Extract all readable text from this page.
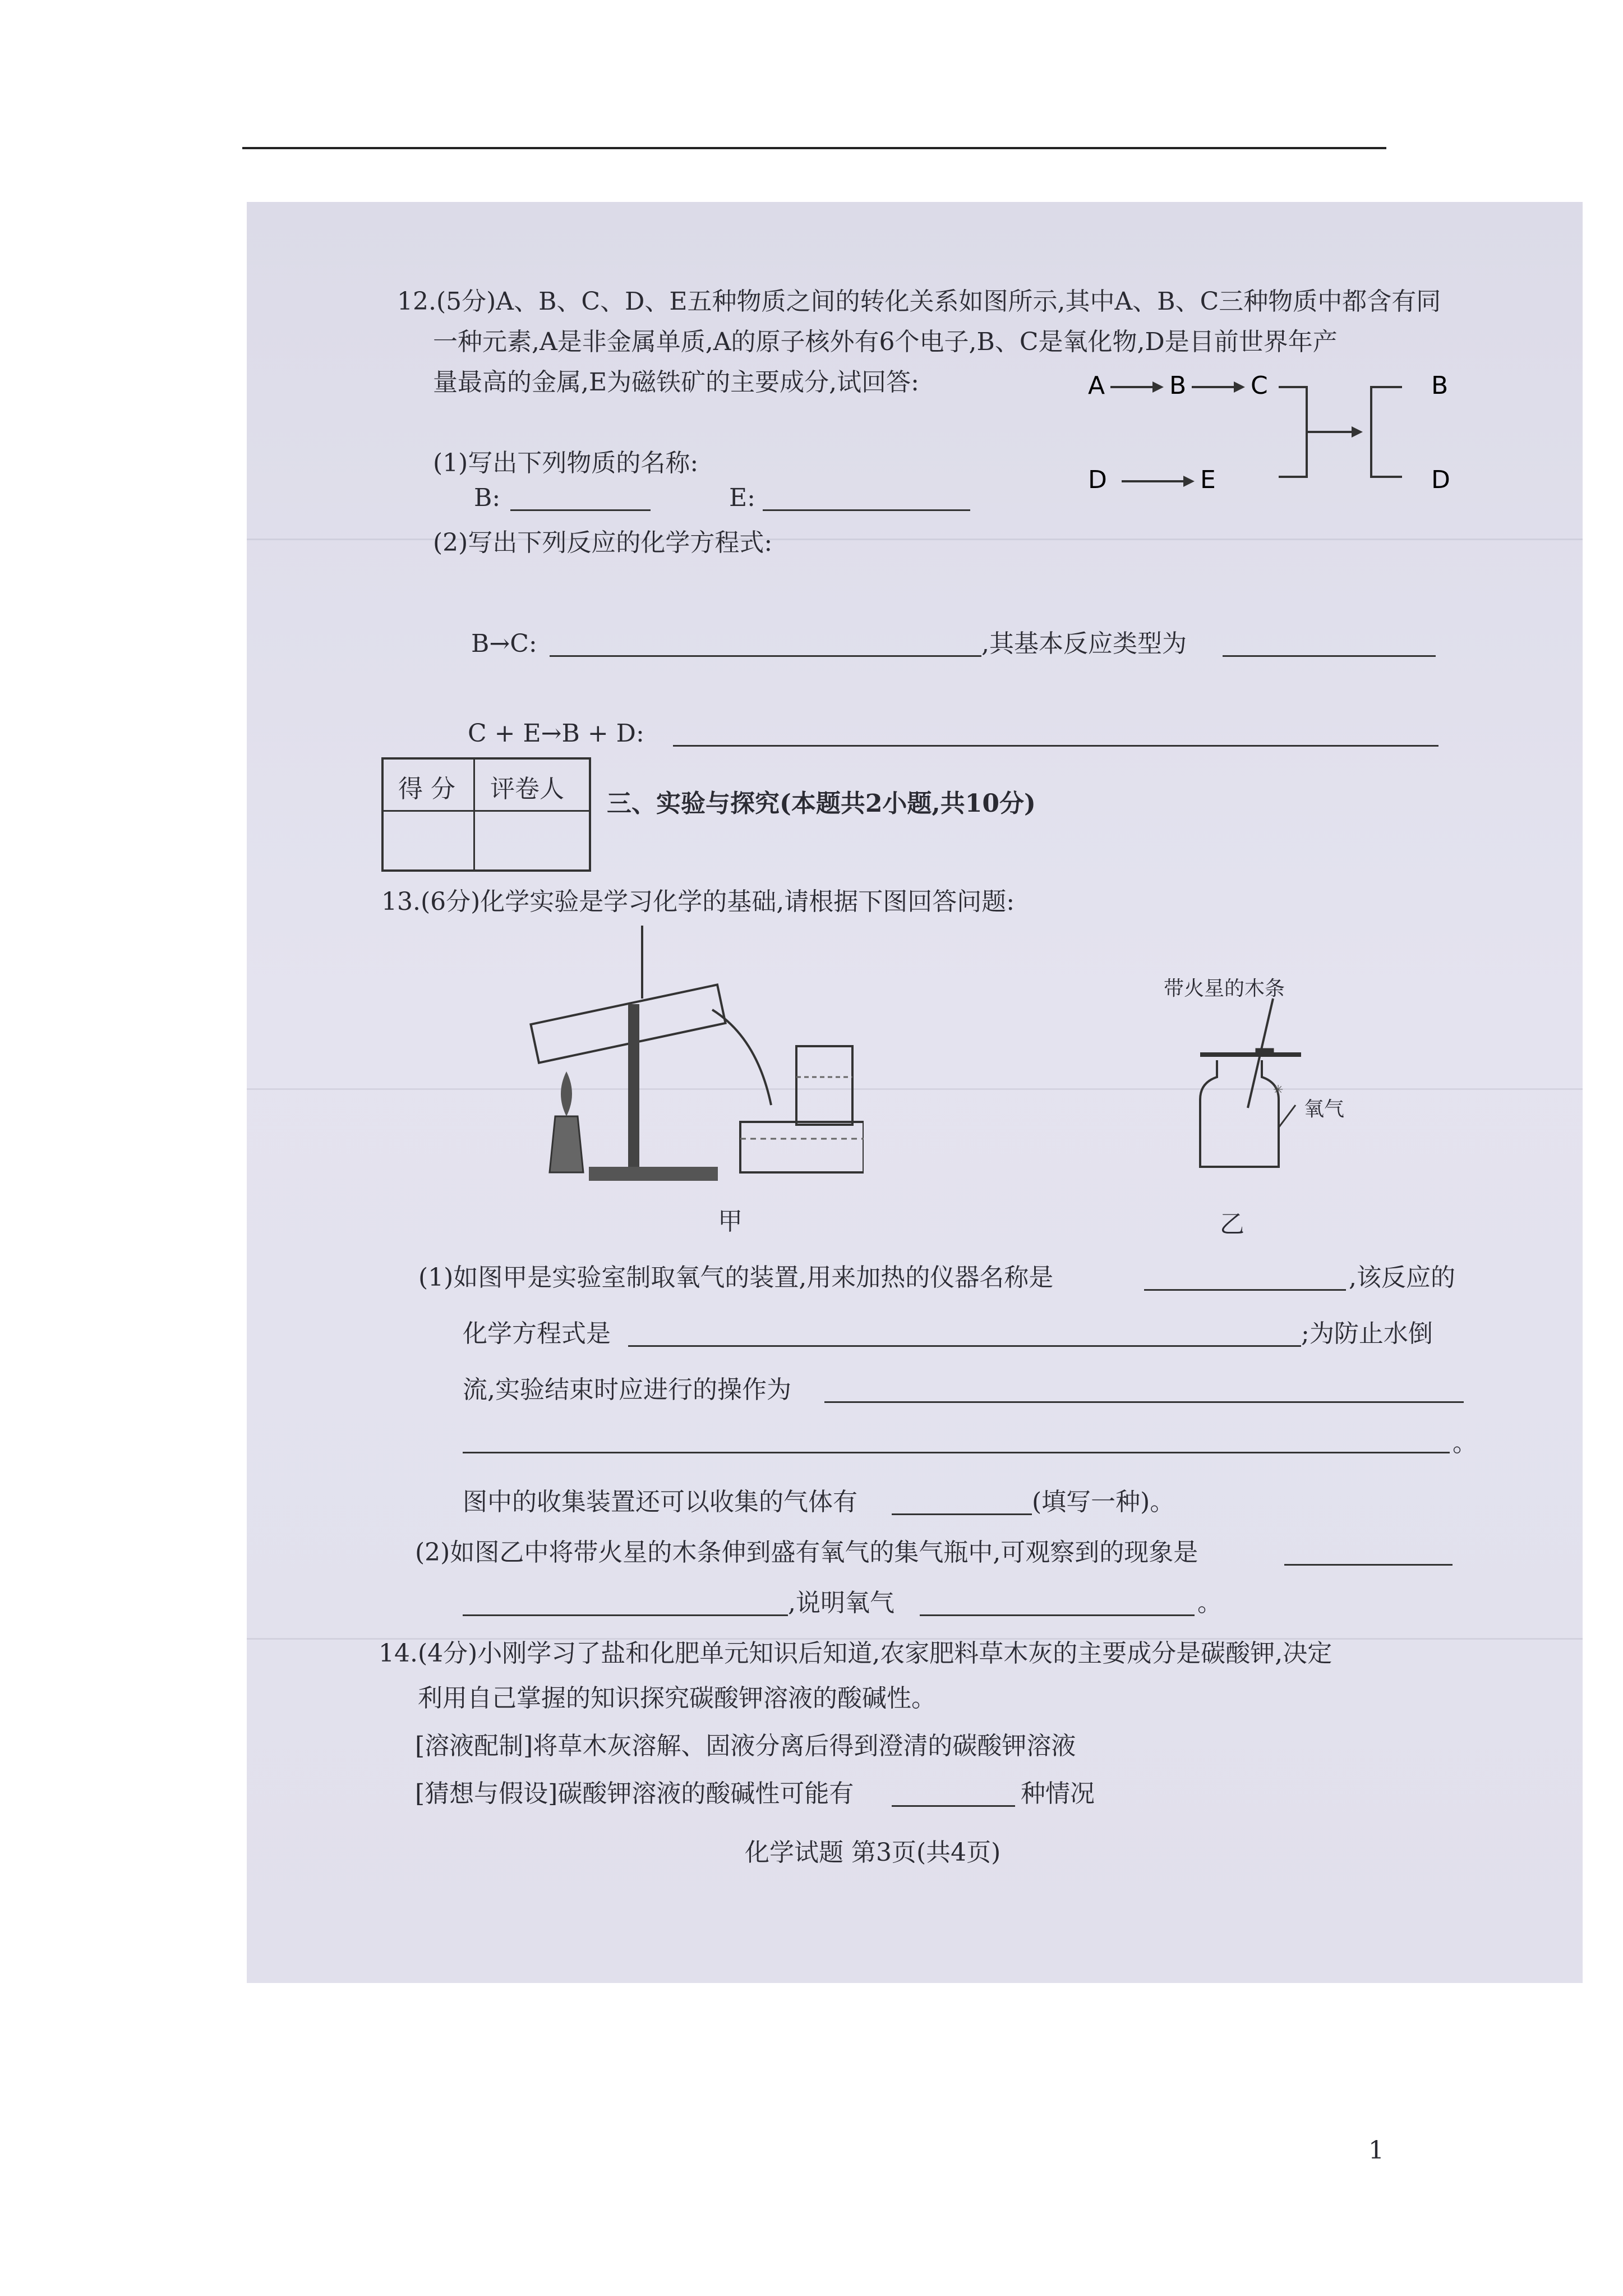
12.(5分)A、B、C、D、E五种物质之间的转化关系如图所示,其中A、B、C三种物质中都含有同
一种元素,A是非金属单质,A的原子核外有6个电子,B、C是氧化物,D是目前世界年产
量最高的金属,E为磁铁矿的主要成分,试回答:	A	B	C
D	E
B
D
(1)写出下列物质的名称:
B:	E:
(2)写出下列反应的化学方程式:
B→C:	,其基本反应类型为
C + E→B + D:
得 分 评卷人
三、实验与探究(本题共2小题,共10分)
13.(6分)化学实验是学习化学的基础,请根据下图回答问题:
甲
✳
带火星的木条
氧气
乙
(1)如图甲是实验室制取氧气的装置,用来加热的仪器名称是	,该反应的
化学方程式是	;为防止水倒
流,实验结束时应进行的操作为
。
图中的收集装置还可以收集的气体有	(填写一种)。
(2)如图乙中将带火星的木条伸到盛有氧气的集气瓶中,可观察到的现象是
,说明氧气	。
14.(4分)小刚学习了盐和化肥单元知识后知道,农家肥料草木灰的主要成分是碳酸钾,决定
利用自己掌握的知识探究碳酸钾溶液的酸碱性。
[溶液配制]将草木灰溶解、固液分离后得到澄清的碳酸钾溶液
[猜想与假设]碳酸钾溶液的酸碱性可能有	种情况
化学试题 第3页(共4页)
1
